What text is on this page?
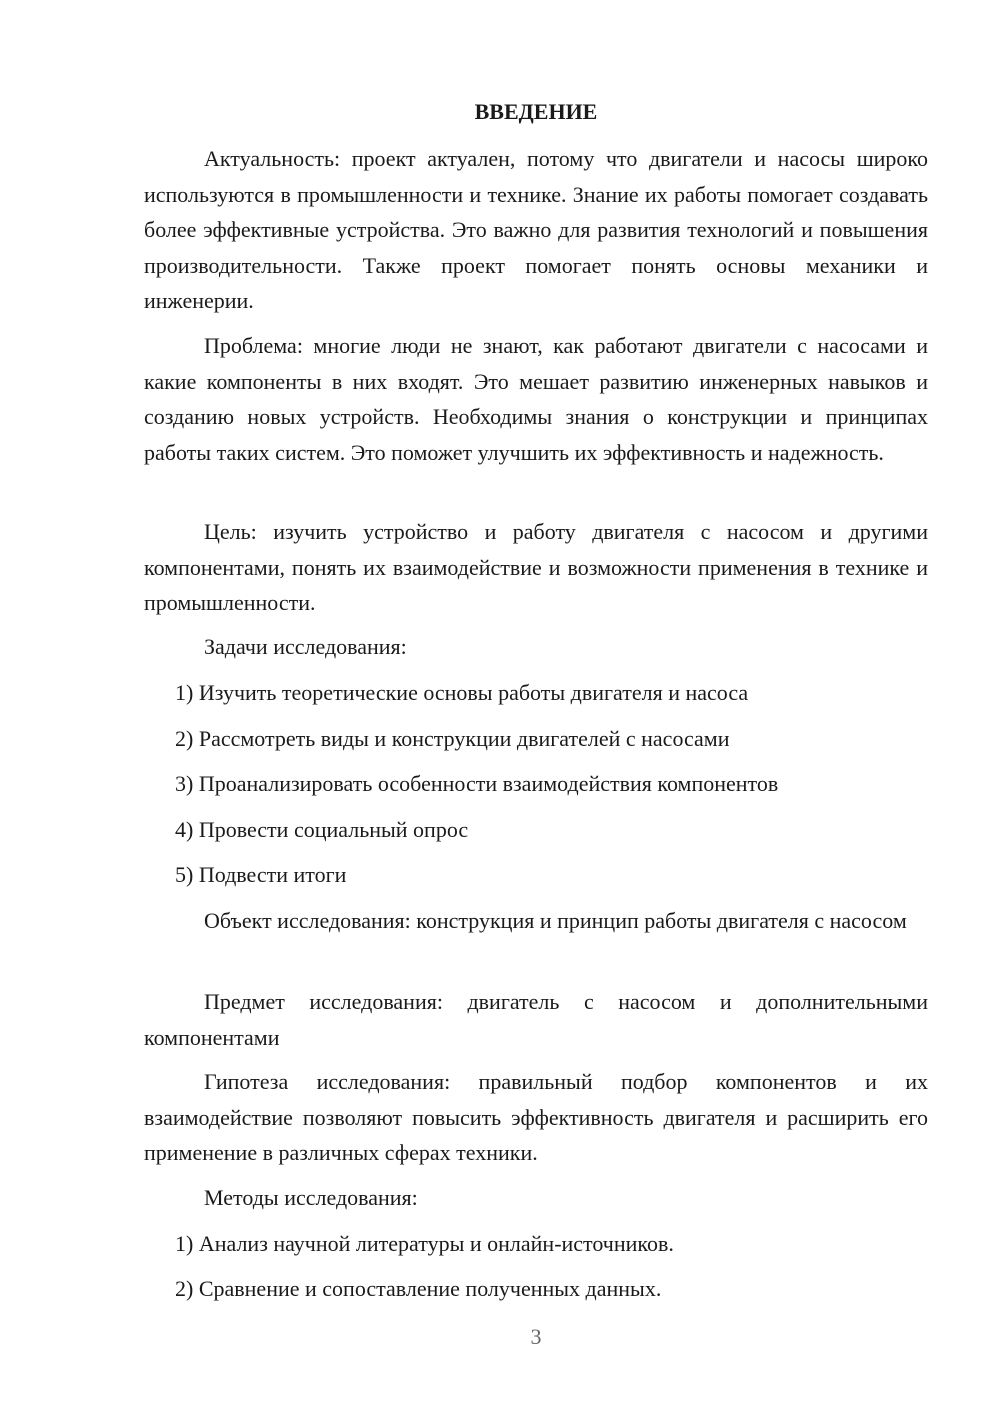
ВВЕДЕНИЕ

Актуальность: проект актуален, потому что двигатели и насосы широко используются в промышленности и технике. Знание их работы помогает создавать более эффективные устройства. Это важно для развития технологий и повышения производительности. Также проект помогает понять основы механики и инженерии.

Проблема: многие люди не знают, как работают двигатели с насосами и какие компоненты в них входят. Это мешает развитию инженерных навыков и созданию новых устройств. Необходимы знания о конструкции и принципах работы таких систем. Это поможет улучшить их эффективность и надежность.

Цель: изучить устройство и работу двигателя с насосом и другими компонентами, понять их взаимодействие и возможности применения в технике и промышленности.

Задачи исследования:

1) Изучить теоретические основы работы двигателя и насоса

2) Рассмотреть виды и конструкции двигателей с насосами

3) Проанализировать особенности взаимодействия компонентов

4) Провести социальный опрос

5) Подвести итоги

Объект исследования: конструкция и принцип работы двигателя с насосом

Предмет исследования: двигатель с насосом и дополнительными компонентами

Гипотеза исследования: правильный подбор компонентов и их взаимодействие позволяют повысить эффективность двигателя и расширить его применение в различных сферах техники.

Методы исследования:

1) Анализ научной литературы и онлайн-источников.

2) Сравнение и сопоставление полученных данных.

3
